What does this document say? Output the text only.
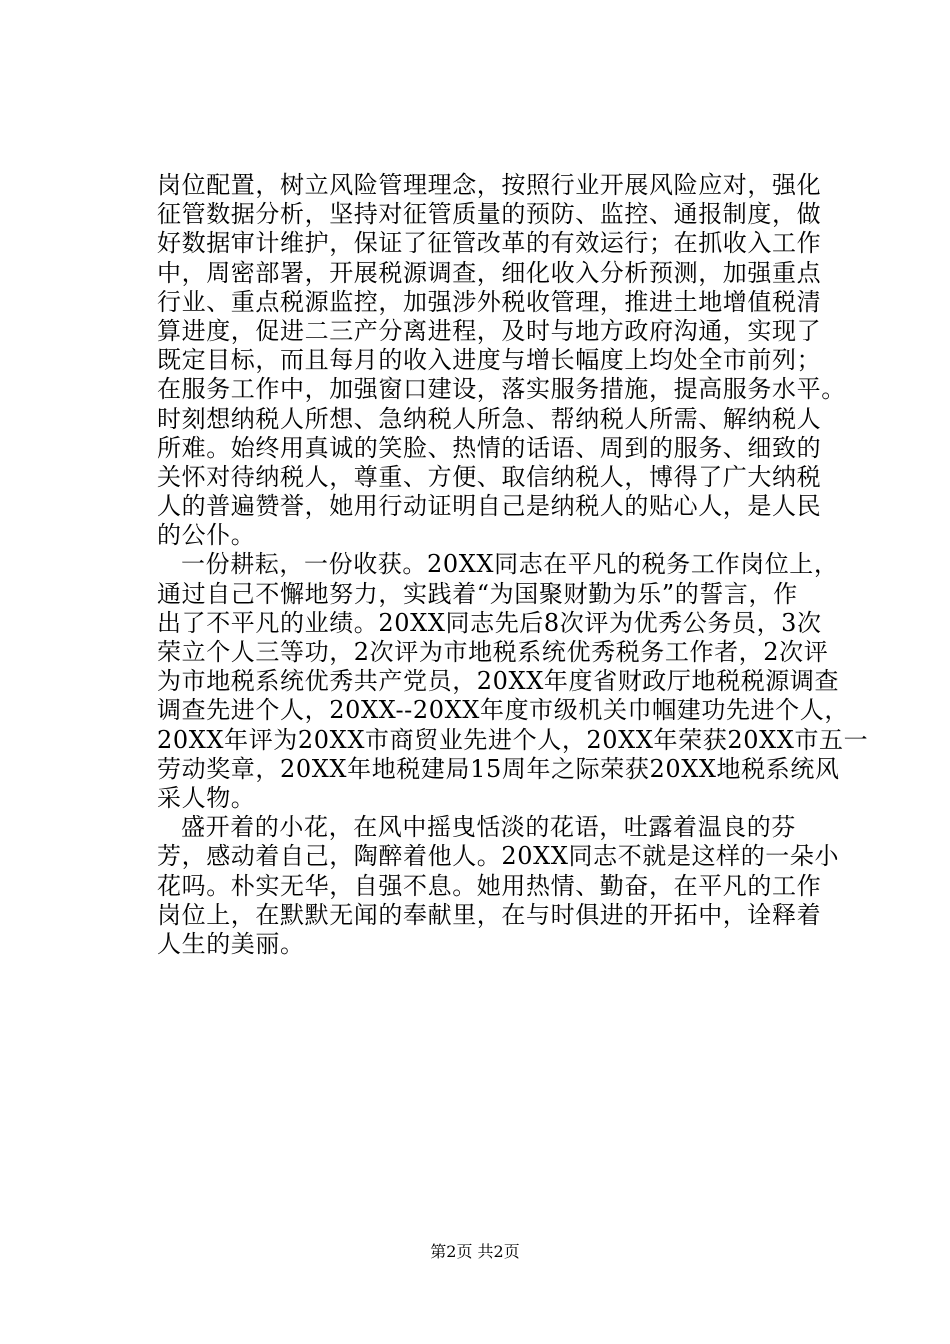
岗位配置，树立风险管理理念，按照行业开展风险应对，强化
征管数据分析，坚持对征管质量的预防、监控、通报制度，做
好数据审计维护，保证了征管改革的有效运行；在抓收入工作
中，周密部署，开展税源调查，细化收入分析预测，加强重点
行业、重点税源监控，加强涉外税收管理，推进土地增值税清
算进度，促进二三产分离进程，及时与地方政府沟通，实现了
既定目标，而且每月的收入进度与增长幅度上均处全市前列；
在服务工作中，加强窗口建设，落实服务措施，提高服务水平。
时刻想纳税人所想、急纳税人所急、帮纳税人所需、解纳税人
所难。始终用真诚的笑脸、热情的话语、周到的服务、细致的
关怀对待纳税人，尊重、方便、取信纳税人，博得了广大纳税
人的普遍赞誉，她用行动证明自己是纳税人的贴心人，是人民
的公仆。
一份耕耘，一份收获。20XX同志在平凡的税务工作岗位上，
通过自己不懈地努力，实践着“为国聚财勤为乐”的誓言，作
出了不平凡的业绩。20XX同志先后8次评为优秀公务员，3次
荣立个人三等功，2次评为市地税系统优秀税务工作者，2次评
为市地税系统优秀共产党员，20XX年度省财政厅地税税源调查
调查先进个人，20XX--20XX年度市级机关巾帼建功先进个人，
20XX年评为20XX市商贸业先进个人，20XX年荣获20XX市五一
劳动奖章，20XX年地税建局15周年之际荣获20XX地税系统风
采人物。
盛开着的小花，在风中摇曳恬淡的花语，吐露着温良的芬
芳，感动着自己，陶醉着他人。20XX同志不就是这样的一朵小
花吗。朴实无华，自强不息。她用热情、勤奋，在平凡的工作
岗位上，在默默无闻的奉献里，在与时俱进的开拓中，诠释着
人生的美丽。
第2页 共2页
